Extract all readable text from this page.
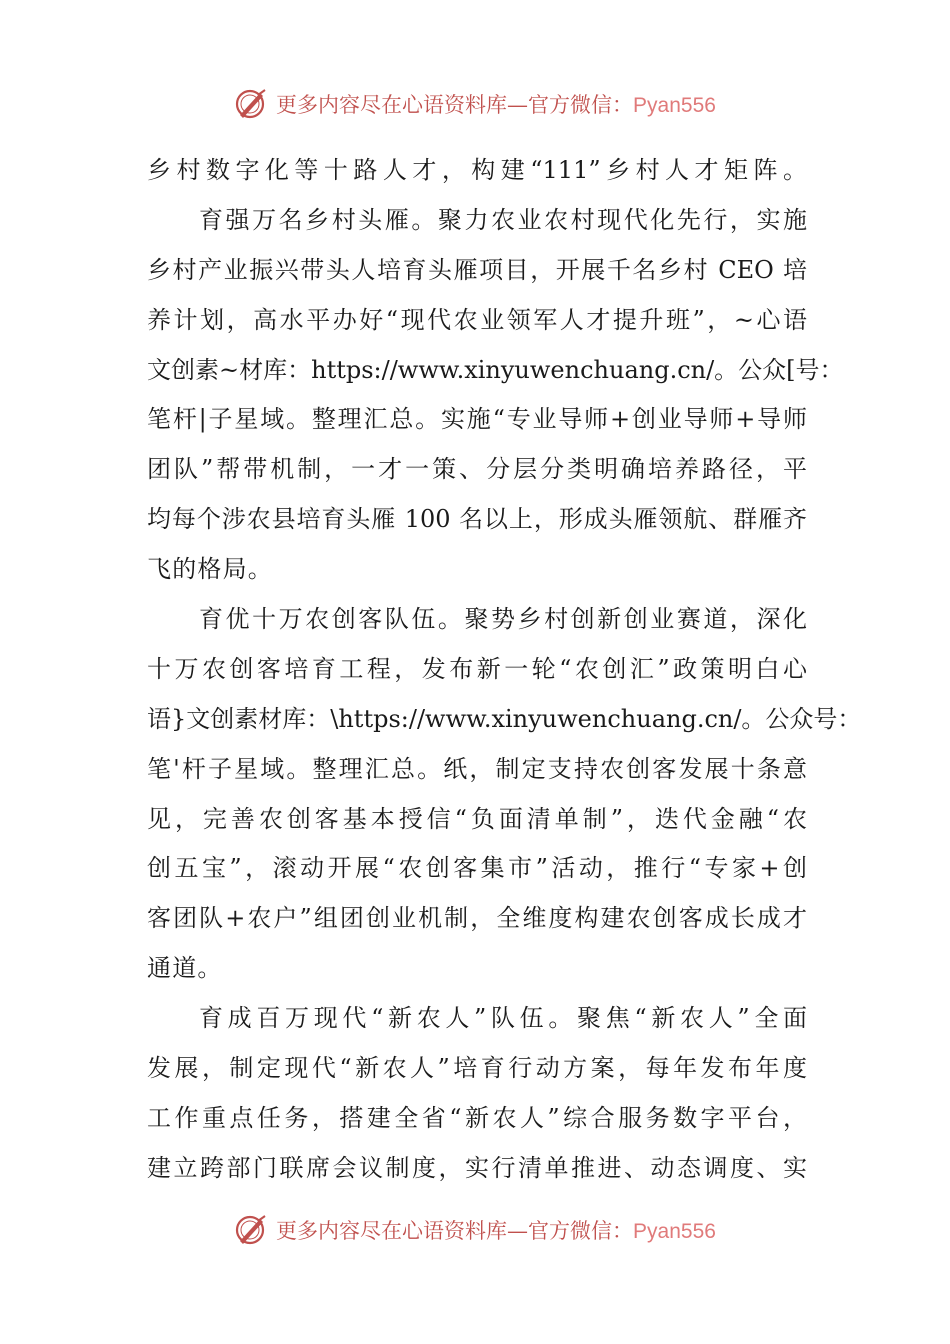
更多内容尽在心语资料库—官方微信：Pyan556
乡村数字化等十路人才，构建“111”乡村人才矩阵。
育强万名乡村头雁。聚力农业农村现代化先行，实施
乡村产业振兴带头人培育头雁项目，开展千名乡村 CEO 培
养计划，高水平办好“现代农业领军人才提升班”，~心语
文创素~材库：https://www.xinyuwenchuang.cn/。公众[号：
笔杆|子星域。整理汇总。实施“专业导师+创业导师+导师
团队”帮带机制，一才一策、分层分类明确培养路径，平
均每个涉农县培育头雁 100 名以上，形成头雁领航、群雁齐
飞的格局。
育优十万农创客队伍。聚势乡村创新创业赛道，深化
十万农创客培育工程，发布新一轮“农创汇”政策明白心
语}文创素材库：\https://www.xinyuwenchuang.cn/。公众号：
笔'杆子星域。整理汇总。纸，制定支持农创客发展十条意
见，完善农创客基本授信“负面清单制”，迭代金融“农
创五宝”，滚动开展“农创客集市”活动，推行“专家+创
客团队+农户”组团创业机制，全维度构建农创客成长成才
通道。
育成百万现代“新农人”队伍。聚焦“新农人”全面
发展，制定现代“新农人”培育行动方案，每年发布年度
工作重点任务，搭建全省“新农人”综合服务数字平台，
建立跨部门联席会议制度，实行清单推进、动态调度、实
更多内容尽在心语资料库—官方微信：Pyan556
